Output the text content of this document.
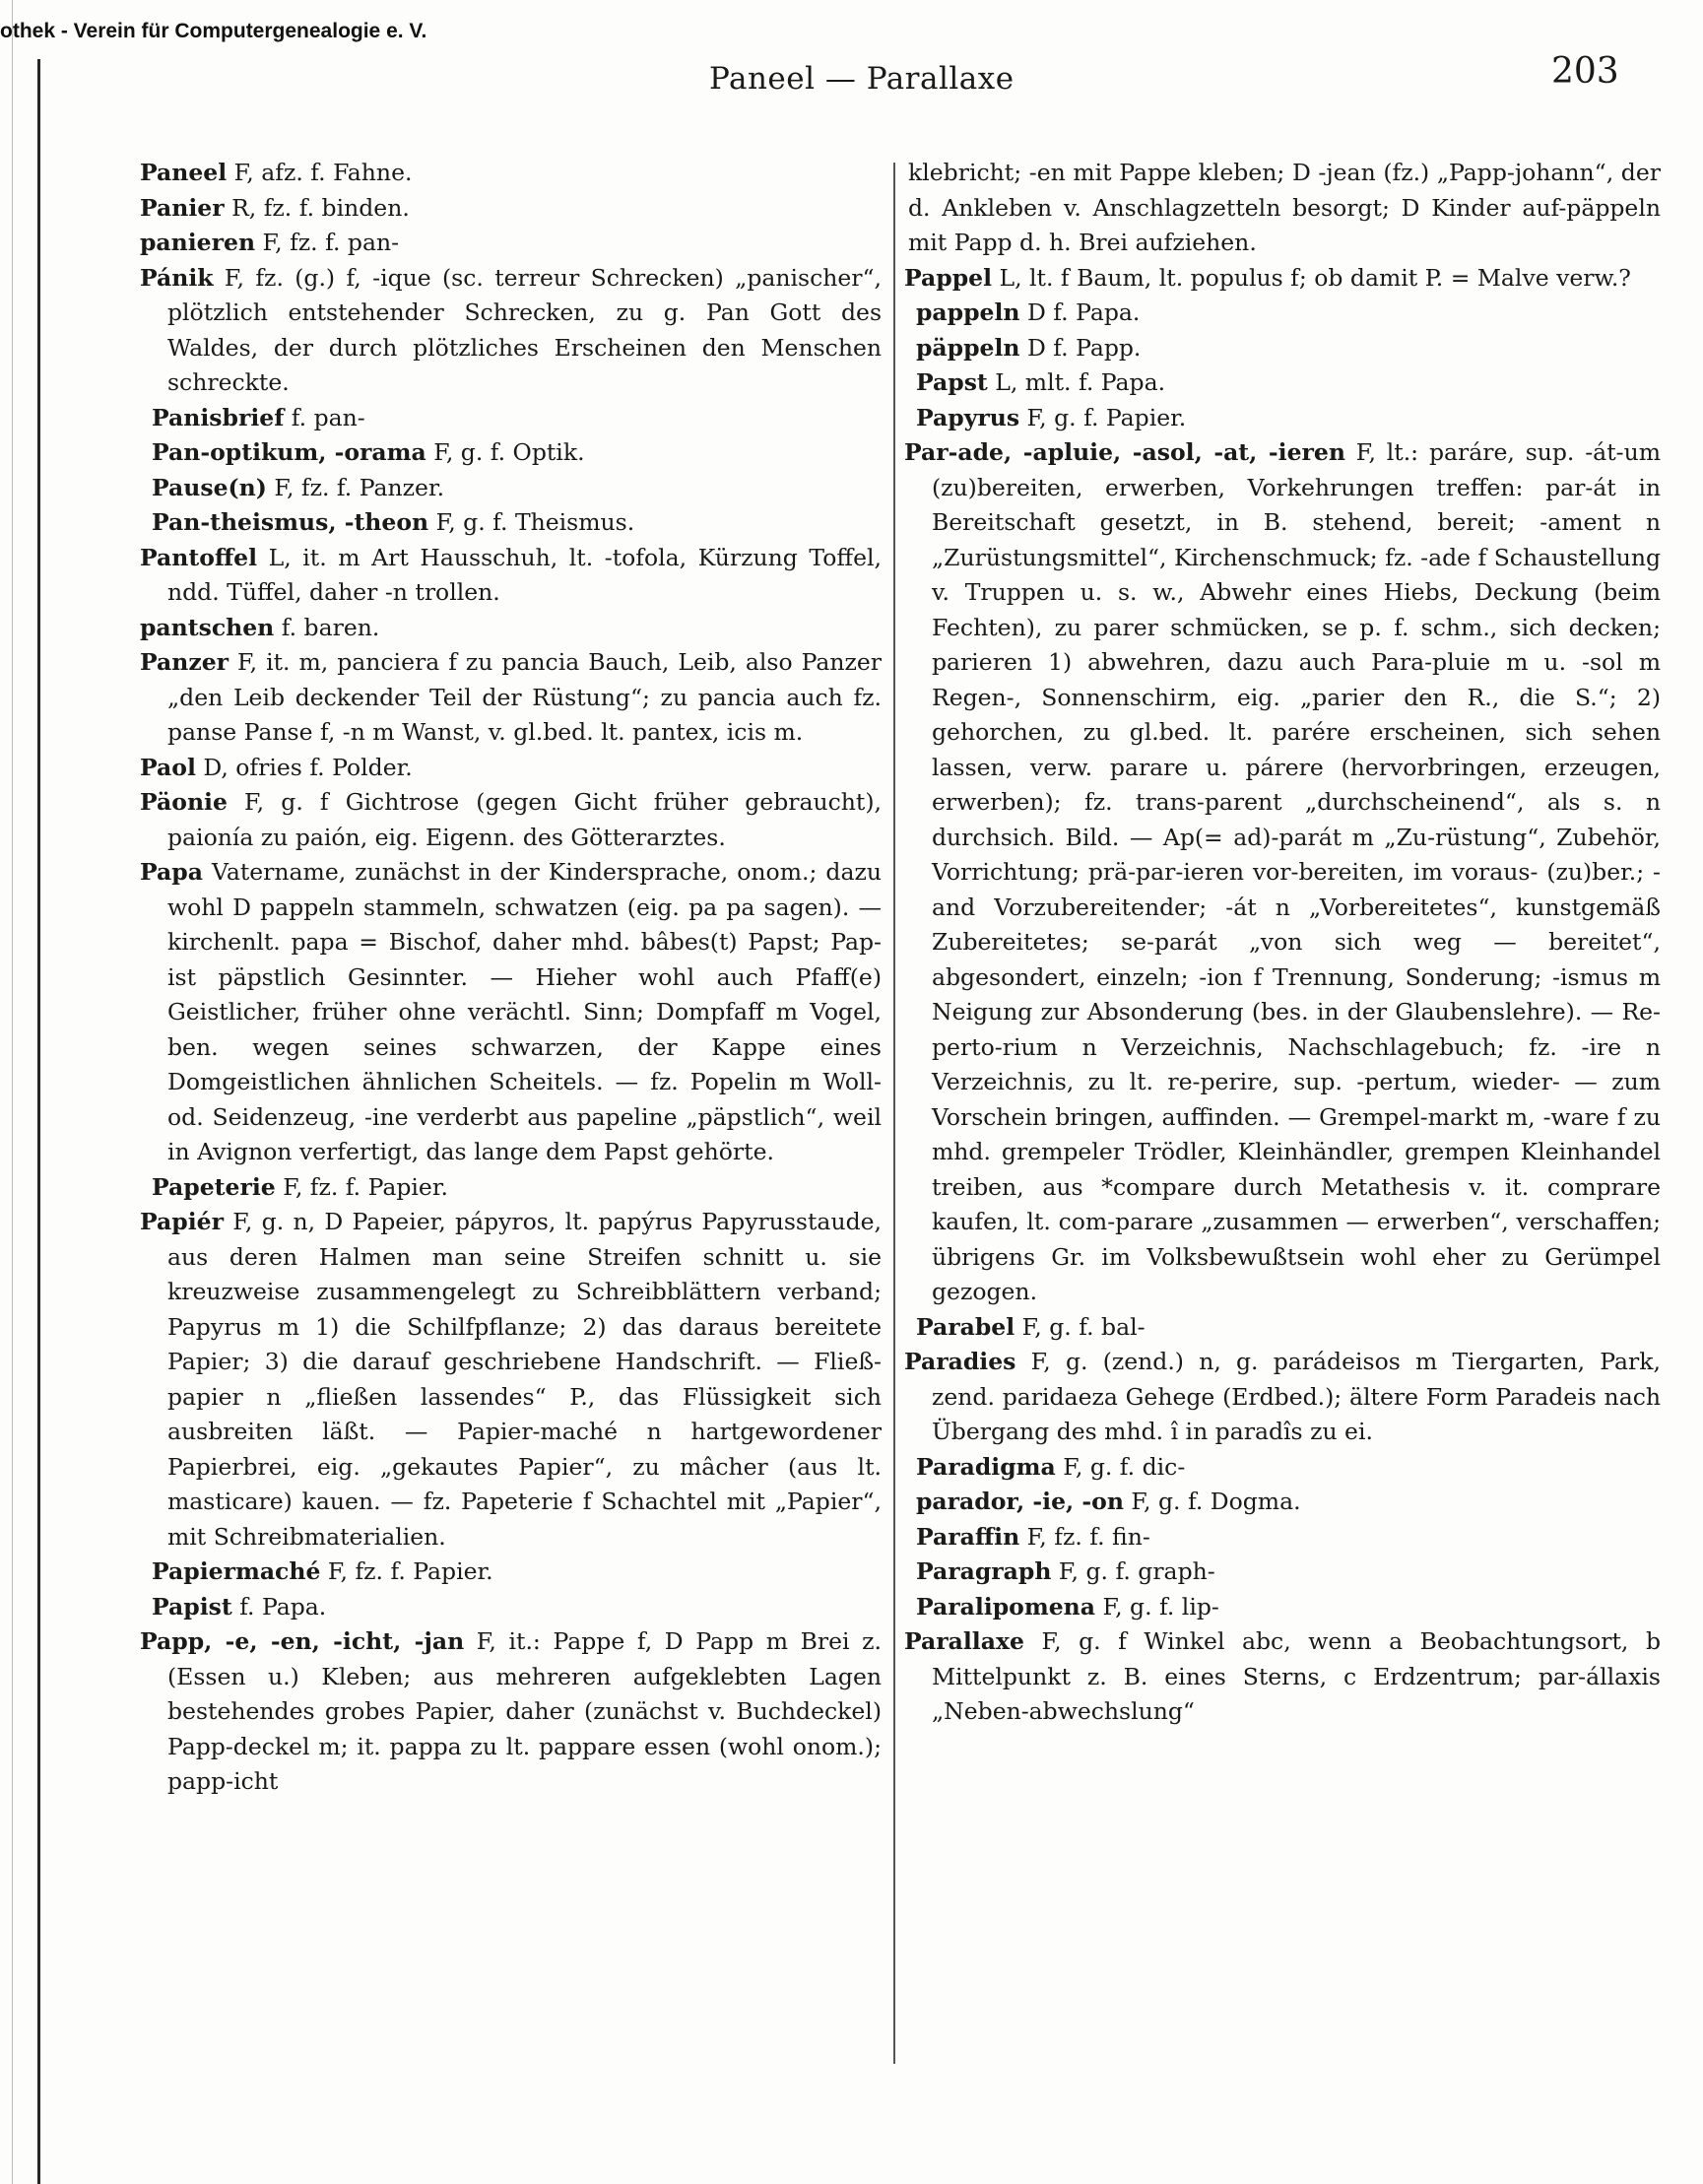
othek - Verein für Computergenealogie e. V.
Paneel — Parallaxe	203

Paneel F, afz. f. Fahne.

Panier R, fz. f. binden.

panieren F, fz. f. pan-

Pánik F, fz. (g.) f, -ique (sc. terreur Schrecken) „panischer“, plötzlich entstehender Schrecken, zu g. Pan Gott des Waldes, der durch plötzliches Erscheinen den Menschen schreckte.

Panisbrief f. pan-

Pan-optikum, -orama F, g. f. Optik.

Pause(n) F, fz. f. Panzer.

Pan-theismus, -theon F, g. f. Theismus.

Pantoffel L, it. m Art Hausschuh, lt. -tofola, Kürzung Toffel, ndd. Tüffel, daher -n trollen.

pantschen f. baren.

Panzer F, it. m, panciera f zu pancia Bauch, Leib, also Panzer „den Leib deckender Teil der Rüstung“; zu pancia auch fz. panse Panse f, -n m Wanst, v. gl.bed. lt. pantex, icis m.

Paol D, ofries f. Polder.

Päonie F, g. f Gichtrose (gegen Gicht früher gebraucht), paionía zu paión, eig. Eigenn. des Götterarztes.

Papa Vatername, zunächst in der Kindersprache, onom.; dazu wohl D pappeln stammeln, schwatzen (eig. pa pa sagen). — kirchenlt. papa = Bischof, daher mhd. bâbes(t) Papst; Pap-ist päpstlich Gesinnter. — Hieher wohl auch Pfaff(e) Geistlicher, früher ohne verächtl. Sinn; Dompfaff m Vogel, ben. wegen seines schwarzen, der Kappe eines Domgeistlichen ähnlichen Scheitels. — fz. Popelin m Woll- od. Seidenzeug, -ine verderbt aus papeline „päpstlich“, weil in Avignon verfertigt, das lange dem Papst gehörte.

Papeterie F, fz. f. Papier.

Papiér F, g. n, D Papeier, pápyros, lt. papýrus Papyrusstaude, aus deren Halmen man seine Streifen schnitt u. sie kreuzweise zusammengelegt zu Schreibblättern verband; Papyrus m 1) die Schilfpflanze; 2) das daraus bereitete Papier; 3) die darauf geschriebene Handschrift. — Fließ-papier n „fließen lassendes“ P., das Flüssigkeit sich ausbreiten läßt. — Papier-maché n hartgewordener Papierbrei, eig. „gekautes Papier“, zu mâcher (aus lt. masticare) kauen. — fz. Papeterie f Schachtel mit „Papier“, mit Schreibmaterialien.

Papiermaché F, fz. f. Papier.

Papist f. Papa.

Papp, -e, -en, -icht, -jan F, it.: Pappe f, D Papp m Brei z. (Essen u.) Kleben; aus mehreren aufgeklebten Lagen bestehendes grobes Papier, daher (zunächst v. Buchdeckel) Papp-deckel m; it. pappa zu lt. pappare essen (wohl onom.); papp-icht

klebricht; -en mit Pappe kleben; D -jean (fz.) „Papp-johann“, der d. Ankleben v. Anschlagzetteln besorgt; D Kinder auf-päppeln mit Papp d. h. Brei aufziehen.

Pappel L, lt. f Baum, lt. populus f; ob damit P. = Malve verw.?

pappeln D f. Papa.

päppeln D f. Papp.

Papst L, mlt. f. Papa.

Papyrus F, g. f. Papier.

Par-ade, -apluie, -asol, -at, -ieren F, lt.: paráre, sup. -át-um (zu)bereiten, erwerben, Vorkehrungen treffen: par-át in Bereitschaft gesetzt, in B. stehend, bereit; -ament n „Zurüstungsmittel“, Kirchenschmuck; fz. -ade f Schaustellung v. Truppen u. s. w., Abwehr eines Hiebs, Deckung (beim Fechten), zu parer schmücken, se p. f. schm., sich decken; parieren 1) abwehren, dazu auch Para-pluie m u. -sol m Regen-, Sonnenschirm, eig. „parier den R., die S.“; 2) gehorchen, zu gl.bed. lt. parére erscheinen, sich sehen lassen, verw. parare u. párere (hervorbringen, erzeugen, erwerben); fz. trans-parent „durchscheinend“, als s. n durchsich. Bild. — Ap(= ad)-parát m „Zu-rüstung“, Zubehör, Vorrichtung; prä-par-ieren vor-bereiten, im voraus- (zu)ber.; -and Vorzubereitender; -át n „Vorbereitetes“, kunstgemäß Zubereitetes; se-parát „von sich weg — bereitet“, abgesondert, einzeln; -ion f Trennung, Sonderung; -ismus m Neigung zur Absonderung (bes. in der Glaubenslehre). — Re-perto-rium n Verzeichnis, Nachschlagebuch; fz. -ire n Verzeichnis, zu lt. re-perire, sup. -pertum, wieder- — zum Vorschein bringen, auffinden. — Grempel-markt m, -ware f zu mhd. grempeler Trödler, Kleinhändler, grempen Kleinhandel treiben, aus *compare durch Metathesis v. it. comprare kaufen, lt. com-parare „zusammen — erwerben“, verschaffen; übrigens Gr. im Volksbewußtsein wohl eher zu Gerümpel gezogen.

Parabel F, g. f. bal-

Paradies F, g. (zend.) n, g. parádeisos m Tiergarten, Park, zend. paridaeza Gehege (Erdbed.); ältere Form Paradeis nach Übergang des mhd. î in paradîs zu ei.

Paradigma F, g. f. dic-

parador, -ie, -on F, g. f. Dogma.

Paraffin F, fz. f. fin-

Paragraph F, g. f. graph-

Paralipomena F, g. f. lip-

Parallaxe F, g. f Winkel abc, wenn a Beobachtungsort, b Mittelpunkt z. B. eines Sterns, c Erdzentrum; par-állaxis „Neben-abwechslung“
